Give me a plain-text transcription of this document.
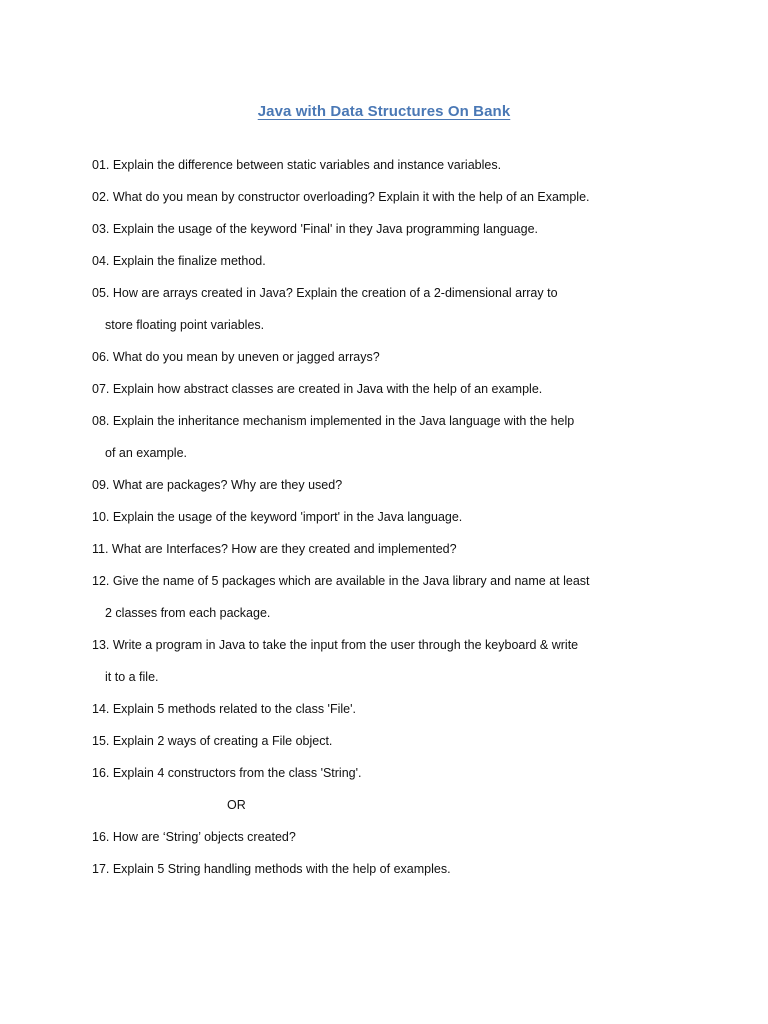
Java with Data Structures On Bank
01. Explain the difference between static variables and instance variables.
02. What do you mean by constructor overloading? Explain it with the help of an Example.
03. Explain the usage of the keyword 'Final' in they Java programming language.
04. Explain the finalize method.
05. How are arrays created in Java? Explain the creation of a 2-dimensional array to
store floating point variables.
06. What do you mean by uneven or jagged arrays?
07. Explain how abstract classes are created in Java with the help of an example.
08. Explain the inheritance mechanism implemented in the Java language with the help
of an example.
09. What are packages? Why are they used?
10. Explain the usage of the keyword 'import' in the Java language.
11. What are Interfaces? How are they created and implemented?
12. Give the name of 5 packages which are available in the Java library and name at least
2 classes from each package.
13. Write a program in Java to take the input from the user through the keyboard & write
it to a file.
14. Explain 5 methods related to the class 'File'.
15. Explain 2 ways of creating a File object.
16. Explain 4 constructors from the class 'String'.
OR
16. How are ‘String’ objects created?
17. Explain 5 String handling methods with the help of examples.
